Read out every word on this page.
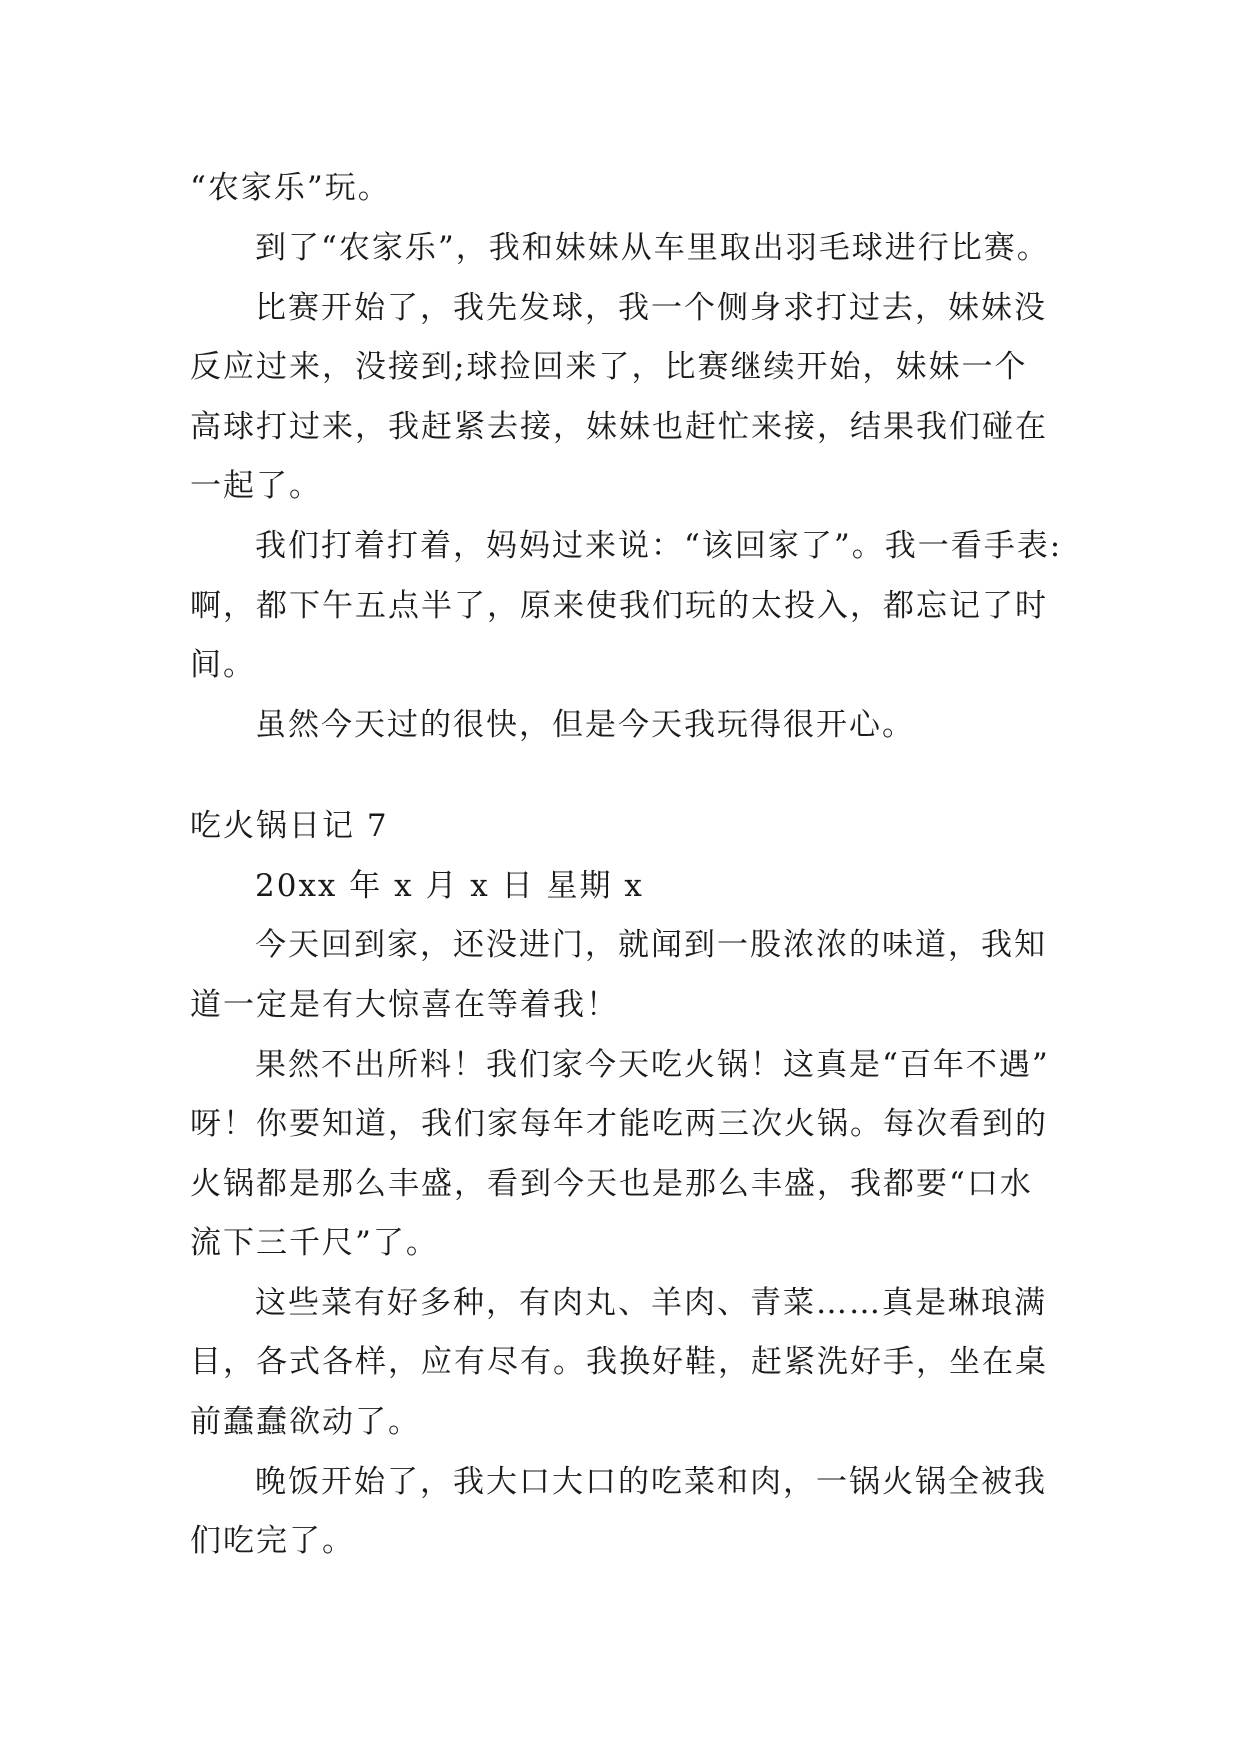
“农家乐”玩。
到了“农家乐”，我和妹妹从车里取出羽毛球进行比赛。
比赛开始了，我先发球，我一个侧身求打过去，妹妹没
反应过来，没接到;球捡回来了，比赛继续开始，妹妹一个
高球打过来，我赶紧去接，妹妹也赶忙来接，结果我们碰在
一起了。
我们打着打着，妈妈过来说：“该回家了”。我一看手表:
啊，都下午五点半了，原来使我们玩的太投入，都忘记了时
间。
虽然今天过的很快，但是今天我玩得很开心。
吃火锅日记 7
20xx 年 x 月 x 日 星期 x
今天回到家，还没进门，就闻到一股浓浓的味道，我知
道一定是有大惊喜在等着我！
果然不出所料！我们家今天吃火锅！这真是“百年不遇”
呀！你要知道，我们家每年才能吃两三次火锅。每次看到的
火锅都是那么丰盛，看到今天也是那么丰盛，我都要“口水
流下三千尺”了。
这些菜有好多种，有肉丸、羊肉、青菜……真是琳琅满
目，各式各样，应有尽有。我换好鞋，赶紧洗好手，坐在桌
前蠢蠢欲动了。
晚饭开始了，我大口大口的吃菜和肉，一锅火锅全被我
们吃完了。
